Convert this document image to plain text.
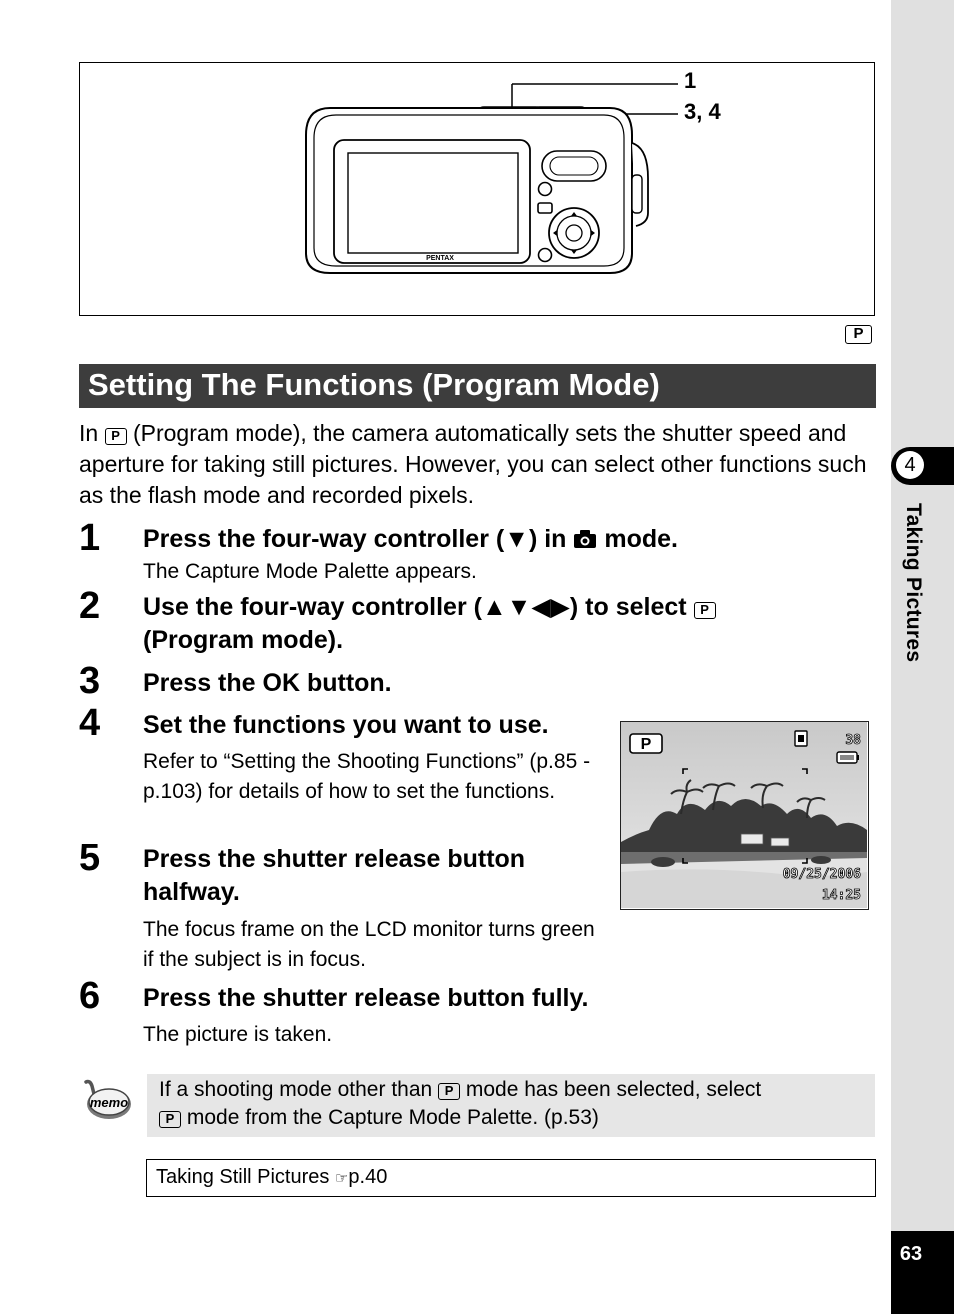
4
Taking Pictures
63
PENTAX
1
3, 4
P
Setting The Functions (Program Mode)
In P (Program mode), the camera automatically sets the shutter speed and aperture for taking still pictures. However, you can select other functions such as the flash mode and recorded pixels.
1 Press the four-way controller (▼) in mode.
The Capture Mode Palette appears.
2 Use the four-way controller (▲▼◀▶) to select P
(Program mode).
3 Press the OK button.
4 Set the functions you want to use.
Refer to “Setting the Shooting Functions” (p.85 - p.103) for details of how to set the functions.
5 Press the shutter release button halfway.
The focus frame on the LCD monitor turns green if the subject is in focus.
6 Press the shutter release button fully.
The picture is taken.
P	38
09/25/2006
14:25
memo
If a shooting mode other than P mode has been selected, select
P mode from the Capture Mode Palette. (p.53)
Taking Still Pictures ☞p.40
